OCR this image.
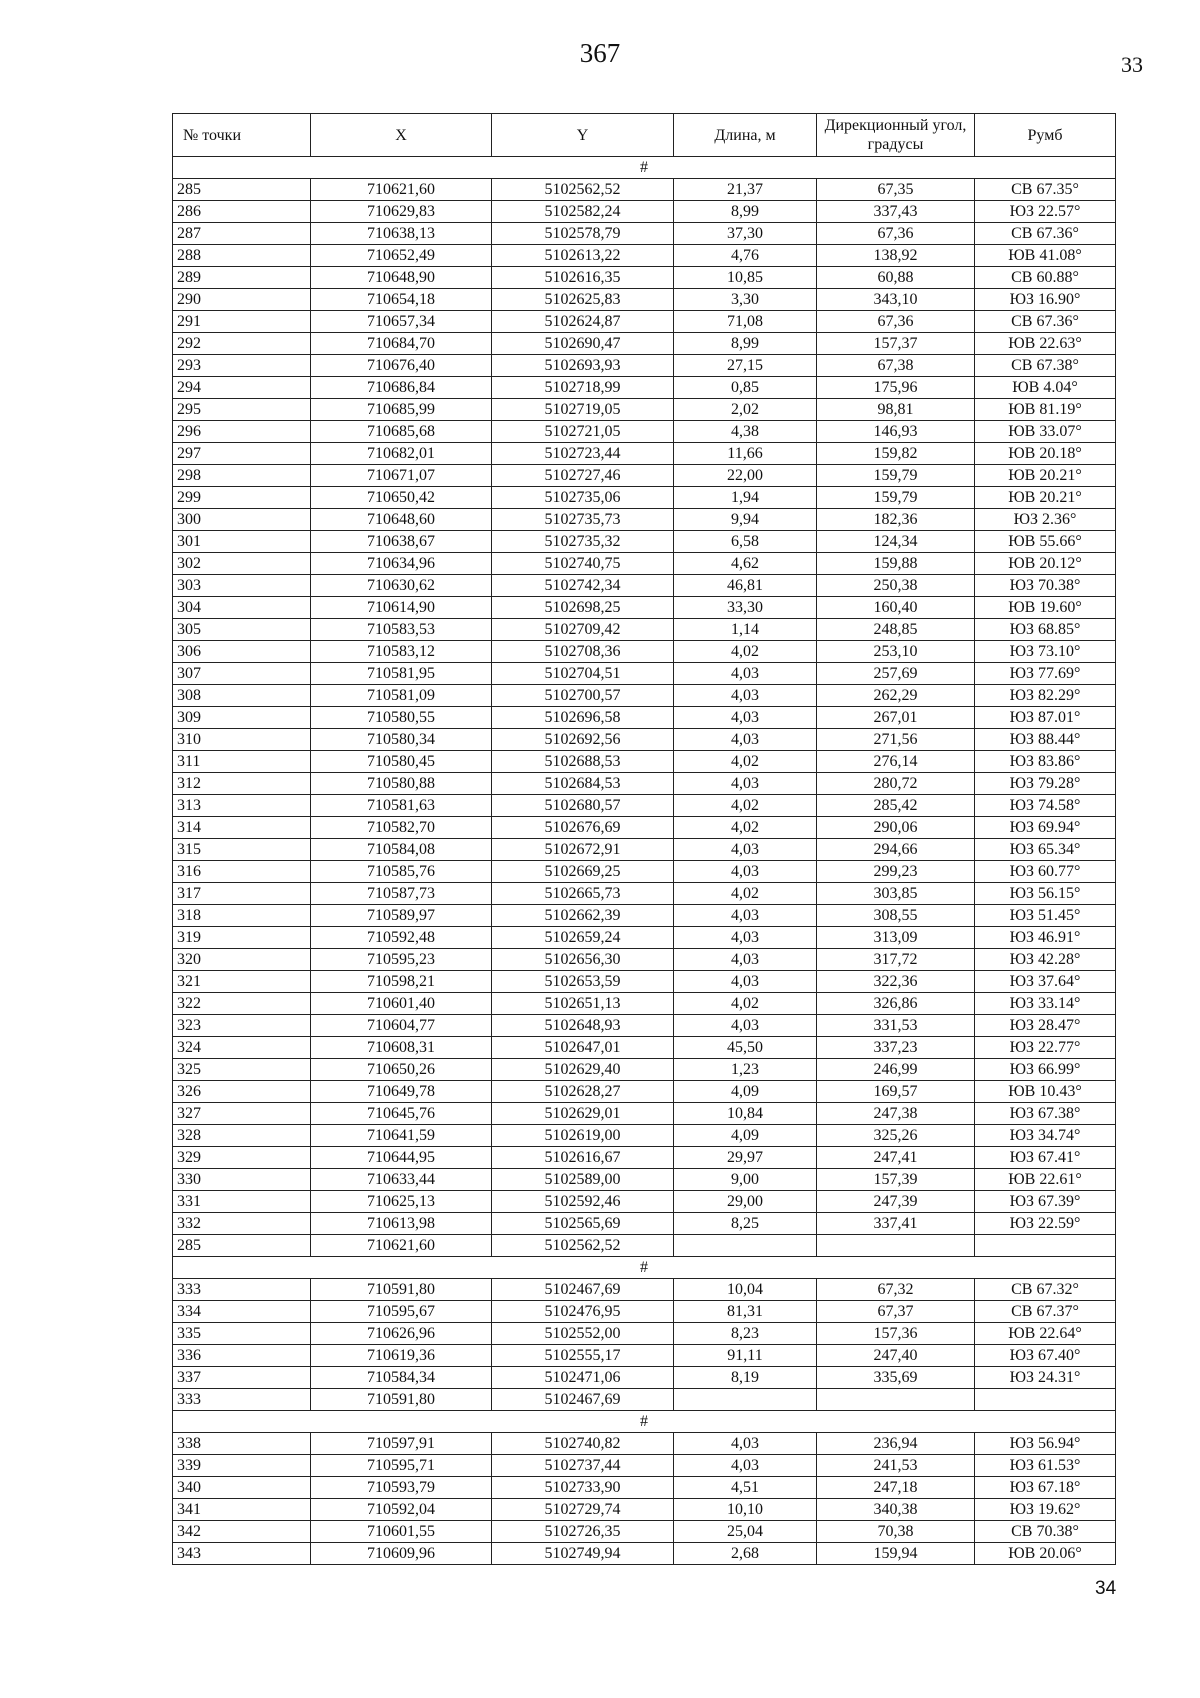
367	33
№ точки	X	Y	Длина, м	Дирекционный угол, градусы	Румб
#					
285	710621,60	5102562,52	21,37	67,35	СВ 67.35°
286	710629,83	5102582,24	8,99	337,43	ЮЗ 22.57°
287	710638,13	5102578,79	37,30	67,36	СВ 67.36°
288	710652,49	5102613,22	4,76	138,92	ЮВ 41.08°
289	710648,90	5102616,35	10,85	60,88	СВ 60.88°
290	710654,18	5102625,83	3,30	343,10	ЮЗ 16.90°
291	710657,34	5102624,87	71,08	67,36	СВ 67.36°
292	710684,70	5102690,47	8,99	157,37	ЮВ 22.63°
293	710676,40	5102693,93	27,15	67,38	СВ 67.38°
294	710686,84	5102718,99	0,85	175,96	ЮВ 4.04°
295	710685,99	5102719,05	2,02	98,81	ЮВ 81.19°
296	710685,68	5102721,05	4,38	146,93	ЮВ 33.07°
297	710682,01	5102723,44	11,66	159,82	ЮВ 20.18°
298	710671,07	5102727,46	22,00	159,79	ЮВ 20.21°
299	710650,42	5102735,06	1,94	159,79	ЮВ 20.21°
300	710648,60	5102735,73	9,94	182,36	ЮЗ 2.36°
301	710638,67	5102735,32	6,58	124,34	ЮВ 55.66°
302	710634,96	5102740,75	4,62	159,88	ЮВ 20.12°
303	710630,62	5102742,34	46,81	250,38	ЮЗ 70.38°
304	710614,90	5102698,25	33,30	160,40	ЮВ 19.60°
305	710583,53	5102709,42	1,14	248,85	ЮЗ 68.85°
306	710583,12	5102708,36	4,02	253,10	ЮЗ 73.10°
307	710581,95	5102704,51	4,03	257,69	ЮЗ 77.69°
308	710581,09	5102700,57	4,03	262,29	ЮЗ 82.29°
309	710580,55	5102696,58	4,03	267,01	ЮЗ 87.01°
310	710580,34	5102692,56	4,03	271,56	ЮЗ 88.44°
311	710580,45	5102688,53	4,02	276,14	ЮЗ 83.86°
312	710580,88	5102684,53	4,03	280,72	ЮЗ 79.28°
313	710581,63	5102680,57	4,02	285,42	ЮЗ 74.58°
314	710582,70	5102676,69	4,02	290,06	ЮЗ 69.94°
315	710584,08	5102672,91	4,03	294,66	ЮЗ 65.34°
316	710585,76	5102669,25	4,03	299,23	ЮЗ 60.77°
317	710587,73	5102665,73	4,02	303,85	ЮЗ 56.15°
318	710589,97	5102662,39	4,03	308,55	ЮЗ 51.45°
319	710592,48	5102659,24	4,03	313,09	ЮЗ 46.91°
320	710595,23	5102656,30	4,03	317,72	ЮЗ 42.28°
321	710598,21	5102653,59	4,03	322,36	ЮЗ 37.64°
322	710601,40	5102651,13	4,02	326,86	ЮЗ 33.14°
323	710604,77	5102648,93	4,03	331,53	ЮЗ 28.47°
324	710608,31	5102647,01	45,50	337,23	ЮЗ 22.77°
325	710650,26	5102629,40	1,23	246,99	ЮЗ 66.99°
326	710649,78	5102628,27	4,09	169,57	ЮВ 10.43°
327	710645,76	5102629,01	10,84	247,38	ЮЗ 67.38°
328	710641,59	5102619,00	4,09	325,26	ЮЗ 34.74°
329	710644,95	5102616,67	29,97	247,41	ЮЗ 67.41°
330	710633,44	5102589,00	9,00	157,39	ЮВ 22.61°
331	710625,13	5102592,46	29,00	247,39	ЮЗ 67.39°
332	710613,98	5102565,69	8,25	337,41	ЮЗ 22.59°
285	710621,60	5102562,52			
#					
333	710591,80	5102467,69	10,04	67,32	СВ 67.32°
334	710595,67	5102476,95	81,31	67,37	СВ 67.37°
335	710626,96	5102552,00	8,23	157,36	ЮВ 22.64°
336	710619,36	5102555,17	91,11	247,40	ЮЗ 67.40°
337	710584,34	5102471,06	8,19	335,69	ЮЗ 24.31°
333	710591,80	5102467,69			
#					
338	710597,91	5102740,82	4,03	236,94	ЮЗ 56.94°
339	710595,71	5102737,44	4,03	241,53	ЮЗ 61.53°
340	710593,79	5102733,90	4,51	247,18	ЮЗ 67.18°
341	710592,04	5102729,74	10,10	340,38	ЮЗ 19.62°
342	710601,55	5102726,35	25,04	70,38	СВ 70.38°
343	710609,96	5102749,94	2,68	159,94	ЮВ 20.06°
34
